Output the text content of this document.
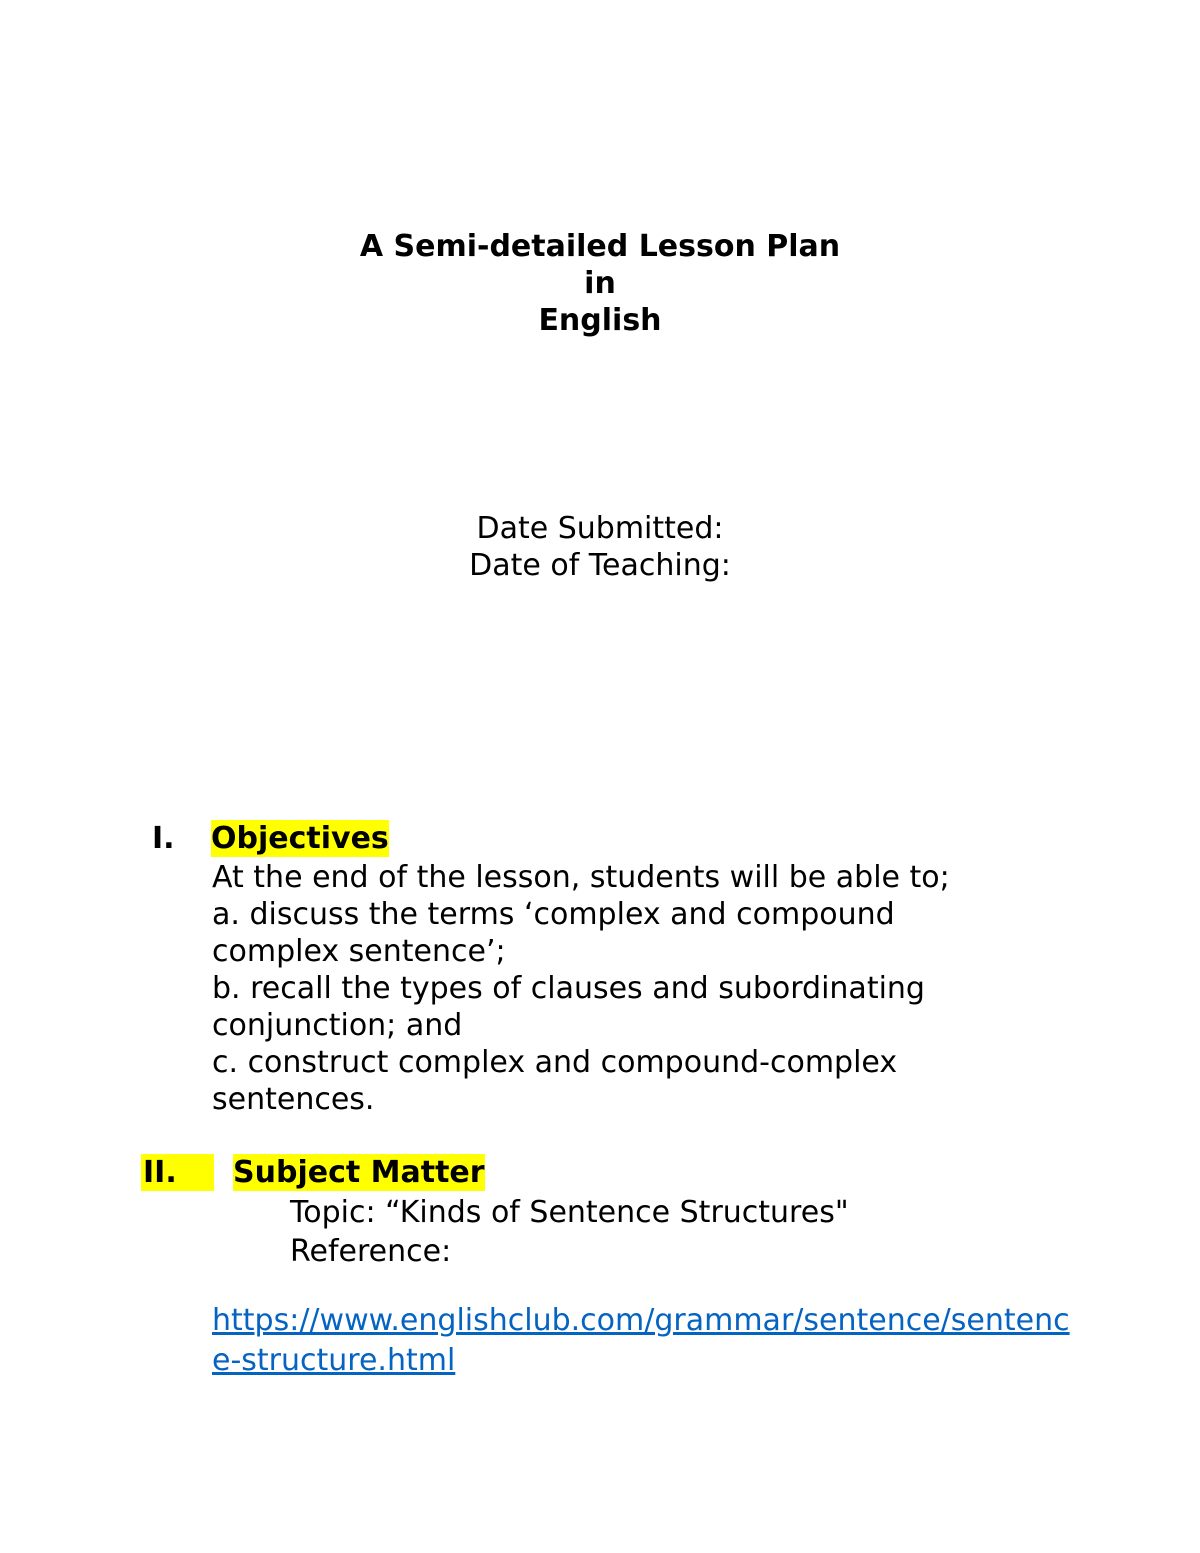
A Semi-detailed Lesson Plan
in
English
Date Submitted:
Date of Teaching:
I. Objectives

At the end of the lesson, students will be able to;

a. discuss the terms ‘complex and compound complex sentence’;

b. recall the types of clauses and subordinating conjunction; and

c. construct complex and compound-complex sentences.

II.	Subject Matter

Topic: “Kinds of Sentence Structures"

Reference:

https://www.englishclub.com/grammar/sentence/sentence-structure.html
